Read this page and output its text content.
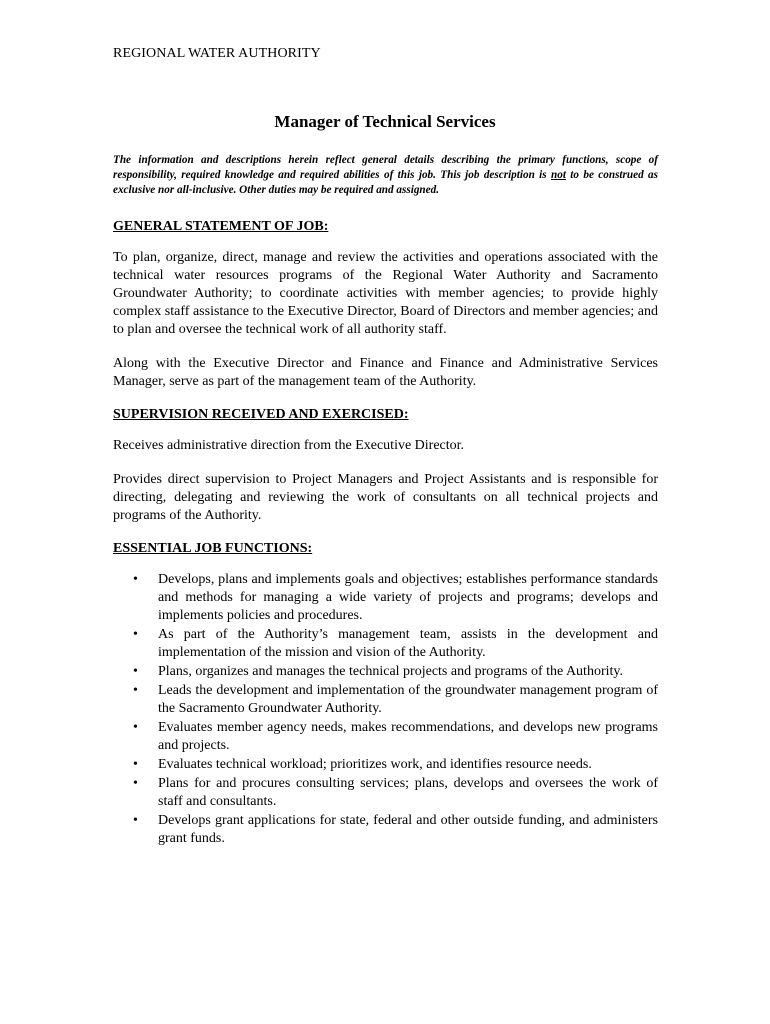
REGIONAL WATER AUTHORITY
Manager of Technical Services

The information and descriptions herein reflect general details describing the primary functions, scope of responsibility, required knowledge and required abilities of this job. This job description is not to be construed as exclusive nor all-inclusive. Other duties may be required and assigned.

GENERAL STATEMENT OF JOB:

To plan, organize, direct, manage and review the activities and operations associated with the technical water resources programs of the Regional Water Authority and Sacramento Groundwater Authority; to coordinate activities with member agencies; to provide highly complex staff assistance to the Executive Director, Board of Directors and member agencies; and to plan and oversee the technical work of all authority staff.

Along with the Executive Director and Finance and Finance and Administrative Services Manager, serve as part of the management team of the Authority.

SUPERVISION RECEIVED AND EXERCISED:

Receives administrative direction from the Executive Director.

Provides direct supervision to Project Managers and Project Assistants and is responsible for directing, delegating and reviewing the work of consultants on all technical projects and programs of the Authority.

ESSENTIAL JOB FUNCTIONS:
• Develops, plans and implements goals and objectives; establishes performance standards and methods for managing a wide variety of projects and programs; develops and implements policies and procedures.
• As part of the Authority’s management team, assists in the development and implementation of the mission and vision of the Authority.
• Plans, organizes and manages the technical projects and programs of the Authority.
• Leads the development and implementation of the groundwater management program of the Sacramento Groundwater Authority.
• Evaluates member agency needs, makes recommendations, and develops new programs and projects.
• Evaluates technical workload; prioritizes work, and identifies resource needs.
• Plans for and procures consulting services; plans, develops and oversees the work of staff and consultants.
• Develops grant applications for state, federal and other outside funding, and administers grant funds.
